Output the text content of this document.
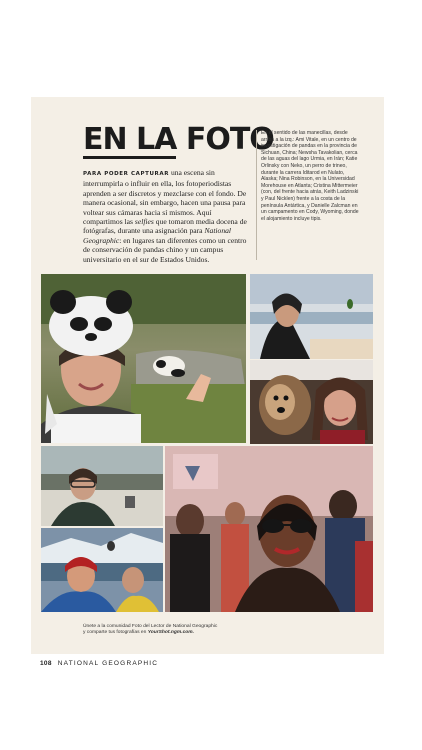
EN LA FOTO
PARA PODER CAPTURAR una escena sin interrumpirla o influir en ella, los fotoperiodistas aprenden a ser discretos y mezclarse con el fondo. De manera ocasional, sin embargo, hacen una pausa para voltear sus cámaras hacia sí mismos. Aquí compartimos las selfies que tomaron media docena de fotógrafas, durante una asignación para National Geographic: en lugares tan diferentes como un centro de conservación de pandas chino y un campus universitario en el sur de Estados Unidos.
En el sentido de las manecillas, desde arriba a la izq.: Ami Vitale, en un centro de investigación de pandas en la provincia de Sichuan, China; Newsha Tavakolian, cerca de las aguas del lago Urmia, en Irán; Katie Orlinsky con Neko, un perro de trineo, durante la carrera Iditarod en Nulato, Alaska; Nina Robinson, en la Universidad Morehouse en Atlanta; Cristina Mittermeier (con, del frente hacia atrás, Keith Ladzinski y Paul Nicklen) frente a la costa de la península Antártica, y Danielle Zalcman en un campamento en Cody, Wyoming, donde el alojamiento incluye tipis.
Únete a la comunidad Foto del Lector de National Geographic
y comparte tus fotografías en YourShot.ngm.com.
108 NATIONAL GEOGRAPHIC
